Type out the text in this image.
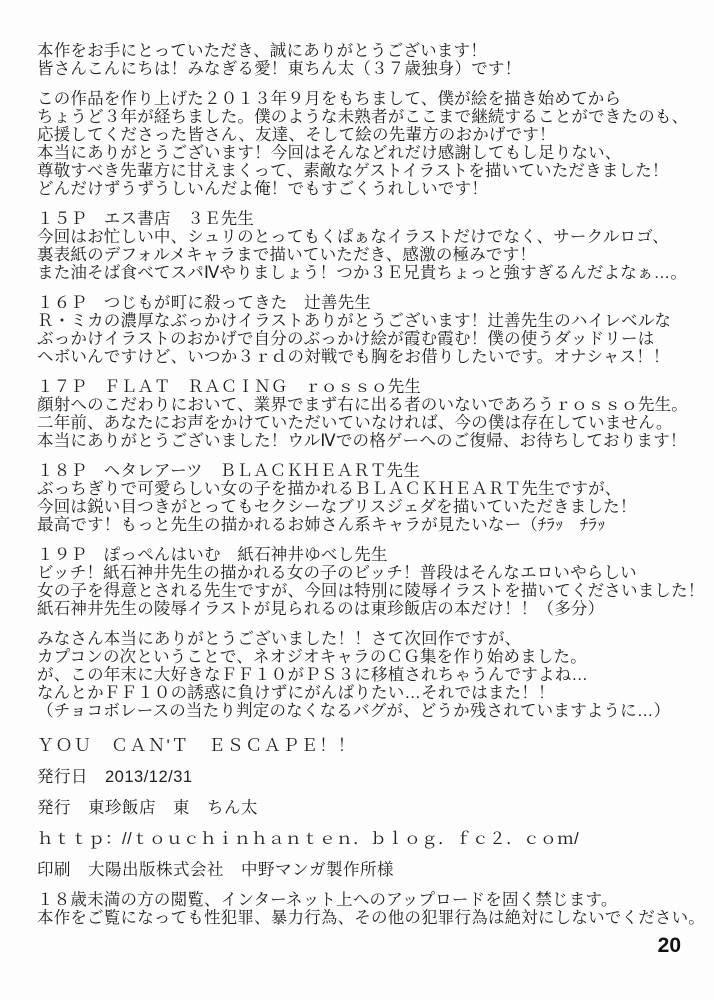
本作をお手にとっていただき、誠にありがとうございます！
皆さんこんにちは！みなぎる愛！東ちん太（３７歳独身）です！
この作品を作り上げた２０１３年９月をもちまして、僕が絵を描き始めてから
ちょうど３年が経ちました。僕のような未熟者がここまで継続することができたのも、
応援してくださった皆さん、友達、そして絵の先輩方のおかげです！
本当にありがとうございます！今回はそんなどれだけ感謝してもし足りない、
尊敬すべき先輩方に甘えまくって、素敵なゲストイラストを描いていただきました！
どんだけずうずうしいんだよ俺！でもすごくうれしいです！
１５Ｐ　エス書店　３Ｅ先生
今回はお忙しい中、シュリのとってもくぱぁなイラストだけでなく、サークルロゴ、
裏表紙のデフォルメキャラまで描いていただき、感激の極みです！
また油そば食べてスパⅣやりましょう！つか３Ｅ兄貴ちょっと強すぎるんだよなぁ…。
１６Ｐ　つじもが町に殺ってきた　辻善先生
Ｒ・ミカの濃厚なぶっかけイラストありがとうございます！辻善先生のハイレベルな
ぶっかけイラストのおかげで自分のぶっかけ絵が霞む霞む！僕の使うダッドリーは
ヘボいんですけど、いつか３ｒｄの対戦でも胸をお借りしたいです。オナシャス！！
１７Ｐ　ＦＬＡＴ　ＲＡＣＩＮＧ　ｒｏｓｓｏ先生
顔射へのこだわりにおいて、業界でまず右に出る者のいないであろうｒｏｓｓｏ先生。
二年前、あなたにお声をかけていただいていなければ、今の僕は存在していません。
本当にありがとうございました！ウルⅣでの格ゲーへのご復帰、お待ちしております！
１８Ｐ　ヘタレアーツ　ＢＬＡＣＫＨＥＡＲＴ先生
ぶっちぎりで可愛らしい女の子を描かれるＢＬＡＣＫＨＥＡＲＴ先生ですが、
今回は鋭い目つきがとってもセクシーなブリスジェダを描いていただきました！
最高です！もっと先生の描かれるお姉さん系キャラが見たいなー（ﾁﾗｯ　ﾁﾗｯ
１９Ｐ　ぽっぺんはいむ　紙石神井ゆべし先生
ビッチ！紙石神井先生の描かれる女の子のビッチ！普段はそんなエロいやらしい
女の子を得意とされる先生ですが、今回は特別に陵辱イラストを描いてくださいました！
紙石神井先生の陵辱イラストが見られるのは東珍飯店の本だけ！！（多分）
みなさん本当にありがとうございました！！さて次回作ですが、
カプコンの次ということで、ネオジオキャラのＣＧ集を作り始めました。
が、この年末に大好きなＦＦ１０がＰＳ３に移植されちゃうんですよね…
なんとかＦＦ１０の誘惑に負けずにがんばりたい…それではまた！！
（チョコボレースの当たり判定のなくなるバグが、どうか残されていますように…）
ＹＯＵ　ＣＡＮ'Ｔ　ＥＳＣＡＰＥ！！
発行日　2013/12/31
発行　東珍飯店　東　ちん太
ｈｔｔｐ：//ｔｏｕｃｈｉｎｈａｎｔｅｎ．ｂｌｏｇ．ｆｃ２．ｃｏｍ/
印刷　大陽出版株式会社　中野マンガ製作所様
１８歳未満の方の閲覧、インターネット上へのアップロードを固く禁じます。
本作をご覧になっても性犯罪、暴力行為、その他の犯罪行為は絶対にしないでください。
20
